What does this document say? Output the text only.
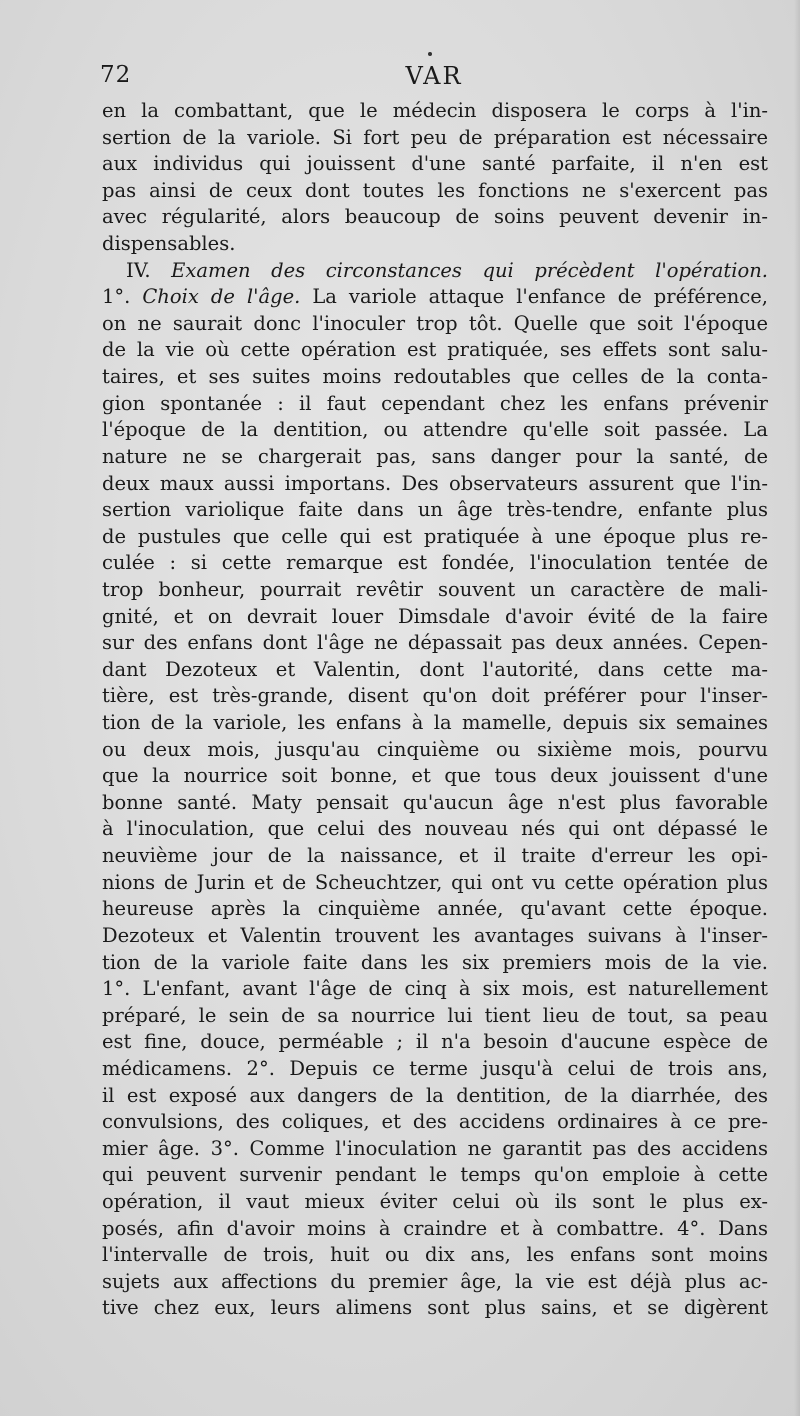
72	VAR
en la combattant, que le médecin disposera le corps à l'in-
sertion de la variole. Si fort peu de préparation est nécessaire
aux individus qui jouissent d'une santé parfaite, il n'en est
pas ainsi de ceux dont toutes les fonctions ne s'exercent pas
avec régularité, alors beaucoup de soins peuvent devenir in-
dispensables.
IV. Examen des circonstances qui précèdent l'opération.
1°. Choix de l'âge. La variole attaque l'enfance de préférence,
on ne saurait donc l'inoculer trop tôt. Quelle que soit l'époque
de la vie où cette opération est pratiquée, ses effets sont salu-
taires, et ses suites moins redoutables que celles de la conta-
gion spontanée : il faut cependant chez les enfans prévenir
l'époque de la dentition, ou attendre qu'elle soit passée. La
nature ne se chargerait pas, sans danger pour la santé, de
deux maux aussi importans. Des observateurs assurent que l'in-
sertion variolique faite dans un âge très-tendre, enfante plus
de pustules que celle qui est pratiquée à une époque plus re-
culée : si cette remarque est fondée, l'inoculation tentée de
trop bonheur, pourrait revêtir souvent un caractère de mali-
gnité, et on devrait louer Dimsdale d'avoir évité de la faire
sur des enfans dont l'âge ne dépassait pas deux années. Cepen-
dant Dezoteux et Valentin, dont l'autorité, dans cette ma-
tière, est très-grande, disent qu'on doit préférer pour l'inser-
tion de la variole, les enfans à la mamelle, depuis six semaines
ou deux mois, jusqu'au cinquième ou sixième mois, pourvu
que la nourrice soit bonne, et que tous deux jouissent d'une
bonne santé. Maty pensait qu'aucun âge n'est plus favorable
à l'inoculation, que celui des nouveau nés qui ont dépassé le
neuvième jour de la naissance, et il traite d'erreur les opi-
nions de Jurin et de Scheuchtzer, qui ont vu cette opération plus
heureuse après la cinquième année, qu'avant cette époque.
Dezoteux et Valentin trouvent les avantages suivans à l'inser-
tion de la variole faite dans les six premiers mois de la vie.
1°. L'enfant, avant l'âge de cinq à six mois, est naturellement
préparé, le sein de sa nourrice lui tient lieu de tout, sa peau
est fine, douce, perméable ; il n'a besoin d'aucune espèce de
médicamens. 2°. Depuis ce terme jusqu'à celui de trois ans,
il est exposé aux dangers de la dentition, de la diarrhée, des
convulsions, des coliques, et des accidens ordinaires à ce pre-
mier âge. 3°. Comme l'inoculation ne garantit pas des accidens
qui peuvent survenir pendant le temps qu'on emploie à cette
opération, il vaut mieux éviter celui où ils sont le plus ex-
posés, afin d'avoir moins à craindre et à combattre. 4°. Dans
l'intervalle de trois, huit ou dix ans, les enfans sont moins
sujets aux affections du premier âge, la vie est déjà plus ac-
tive chez eux, leurs alimens sont plus sains, et se digèrent
